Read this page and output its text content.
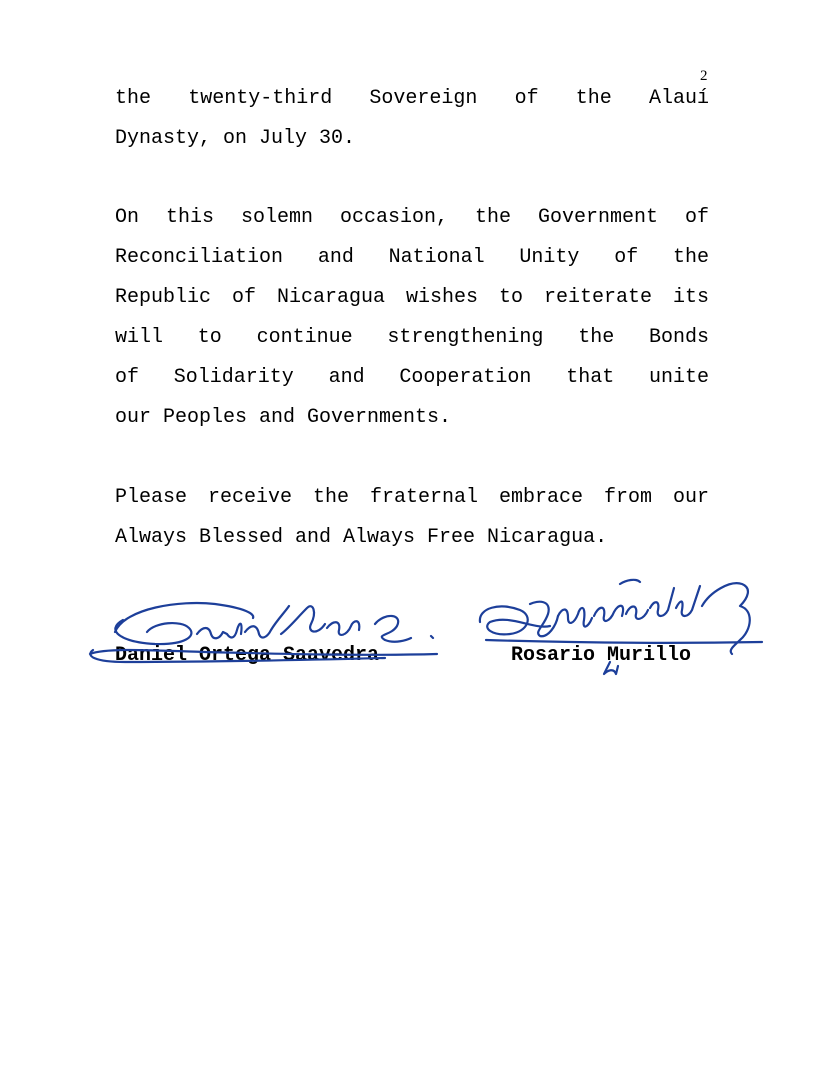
2
the twenty-third Sovereign of the Alauí
Dynasty, on July 30.
On this solemn occasion, the Government of
Reconciliation and National Unity of the
Republic of Nicaragua wishes to reiterate its
will to continue strengthening the Bonds
of Solidarity and Cooperation that unite
our Peoples and Governments.
Please receive the fraternal embrace from our
Always Blessed and Always Free Nicaragua.
Daniel Ortega Saavedra	Rosario Murillo
